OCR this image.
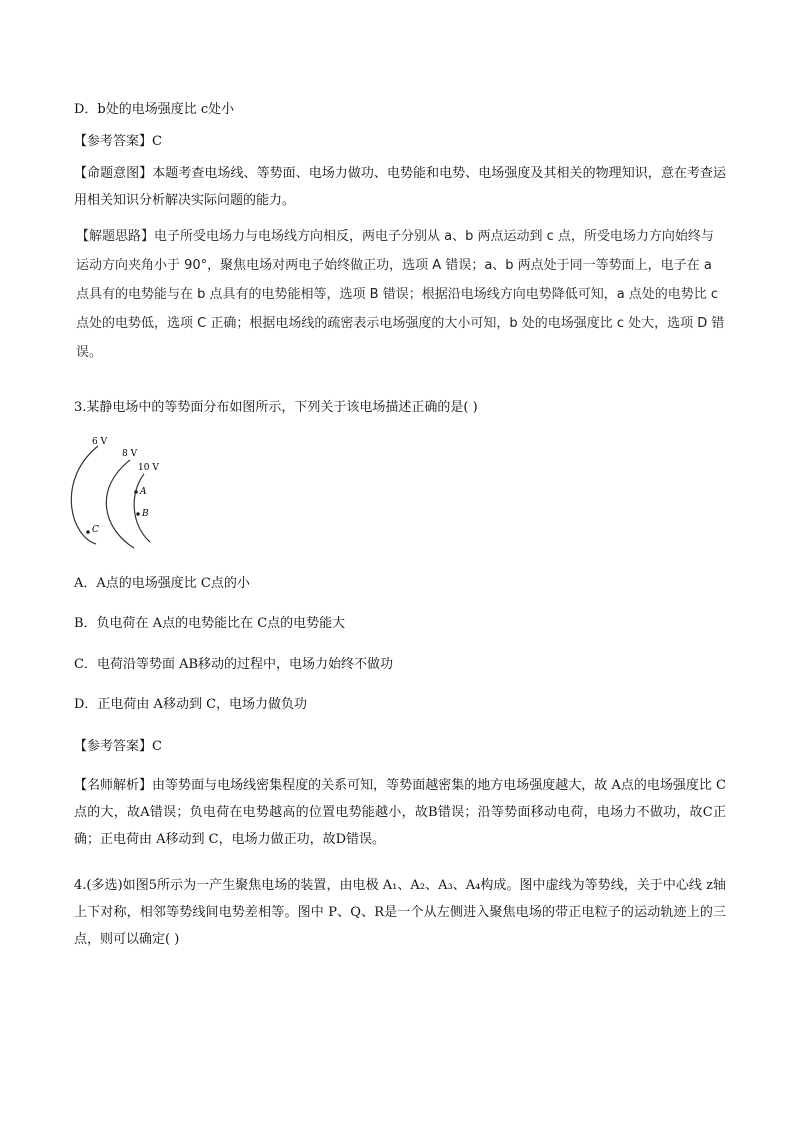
D．b处的电场强度比 c处小
【参考答案】C
【命题意图】本题考查电场线、等势面、电场力做功、电势能和电势、电场强度及其相关的物理知识，意在考查运用相关知识分析解决实际问题的能力。
【解题思路】电子所受电场力与电场线方向相反，两电子分别从 a、b 两点运动到 c 点，所受电场力方向始终与运动方向夹角小于 90°，聚焦电场对两电子始终做正功，选项 A 错误；a、b 两点处于同一等势面上，电子在 a 点具有的电势能与在 b 点具有的电势能相等，选项 B 错误；根据沿电场线方向电势降低可知，a 点处的电势比 c 点处的电势低，选项 C 正确；根据电场线的疏密表示电场强度的大小可知，b 处的电场强度比 c 处大，选项 D 错误。
3.某静电场中的等势面分布如图所示，下列关于该电场描述正确的是( )
6 V
8 V
10 V
A
B
C
A．A点的电场强度比 C点的小
B．负电荷在 A点的电势能比在 C点的电势能大
C．电荷沿等势面 AB移动的过程中，电场力始终不做功
D．正电荷由 A移动到 C，电场力做负功
【参考答案】C
【名师解析】由等势面与电场线密集程度的关系可知，等势面越密集的地方电场强度越大，故 A点的电场强度比 C点的大，故A错误；负电荷在电势越高的位置电势能越小，故B错误；沿等势面移动电荷，电场力不做功，故C正确；正电荷由 A移动到 C，电场力做正功，故D错误。
4.(多选)如图5所示为一产生聚焦电场的装置，由电极 A₁、A₂、A₃、A₄构成。图中虚线为等势线，关于中心线 z轴上下对称，相邻等势线间电势差相等。图中 P、Q、R是一个从左侧进入聚焦电场的带正电粒子的运动轨迹上的三点，则可以确定( )
